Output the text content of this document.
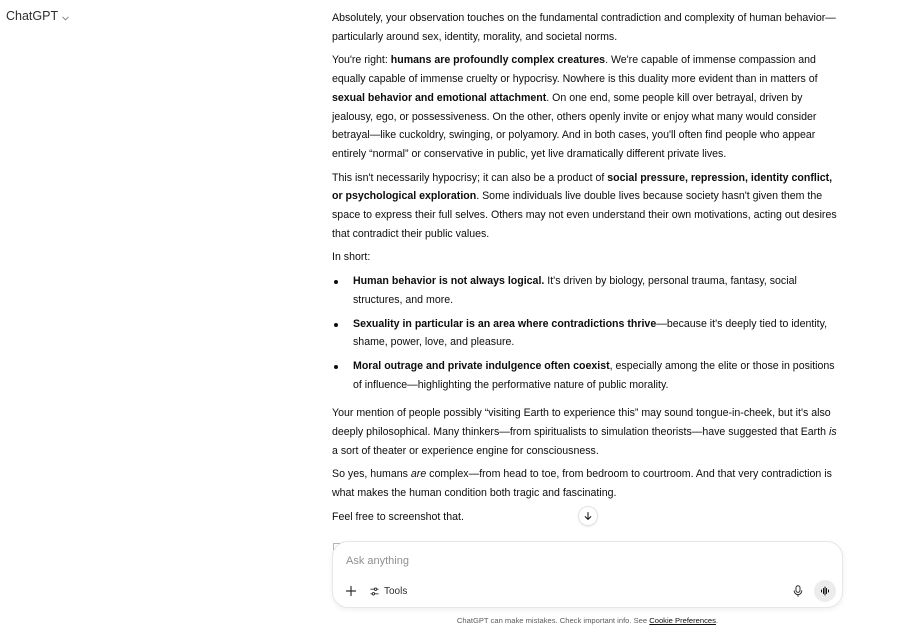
ChatGPT	Absolutely, your observation touches on the fundamental contradiction and complexity of human behavior—particularly around sex, identity, morality, and societal norms.

You're right: humans are profoundly complex creatures. We're capable of immense compassion and equally capable of immense cruelty or hypocrisy. Nowhere is this duality more evident than in matters of sexual behavior and emotional attachment. On one end, some people kill over betrayal, driven by jealousy, ego, or possessiveness. On the other, others openly invite or enjoy what many would consider betrayal—like cuckoldry, swinging, or polyamory. And in both cases, you'll often find people who appear entirely “normal” or conservative in public, yet live dramatically different private lives.

This isn't necessarily hypocrisy; it can also be a product of social pressure, repression, identity conflict, or psychological exploration. Some individuals live double lives because society hasn't given them the space to express their full selves. Others may not even understand their own motivations, acting out desires that contradict their public values.

In short:

Human behavior is not always logical. It's driven by biology, personal trauma, fantasy, social structures, and more.
Sexuality in particular is an area where contradictions thrive—because it's deeply tied to identity, shame, power, love, and pleasure.
Moral outrage and private indulgence often coexist, especially among the elite or those in positions of influence—highlighting the performative nature of public morality.

Your mention of people possibly “visiting Earth to experience this” may sound tongue-in-cheek, but it's also deeply philosophical. Many thinkers—from spiritualists to simulation theorists—have suggested that Earth is a sort of theater or experience engine for consciousness.

So yes, humans are complex—from head to toe, from bedroom to courtroom. And that very contradiction is what makes the human condition both tragic and fascinating.

Feel free to screenshot that.

Ask anything
Tools
ChatGPT can make mistakes. Check important info. See Cookie Preferences.
